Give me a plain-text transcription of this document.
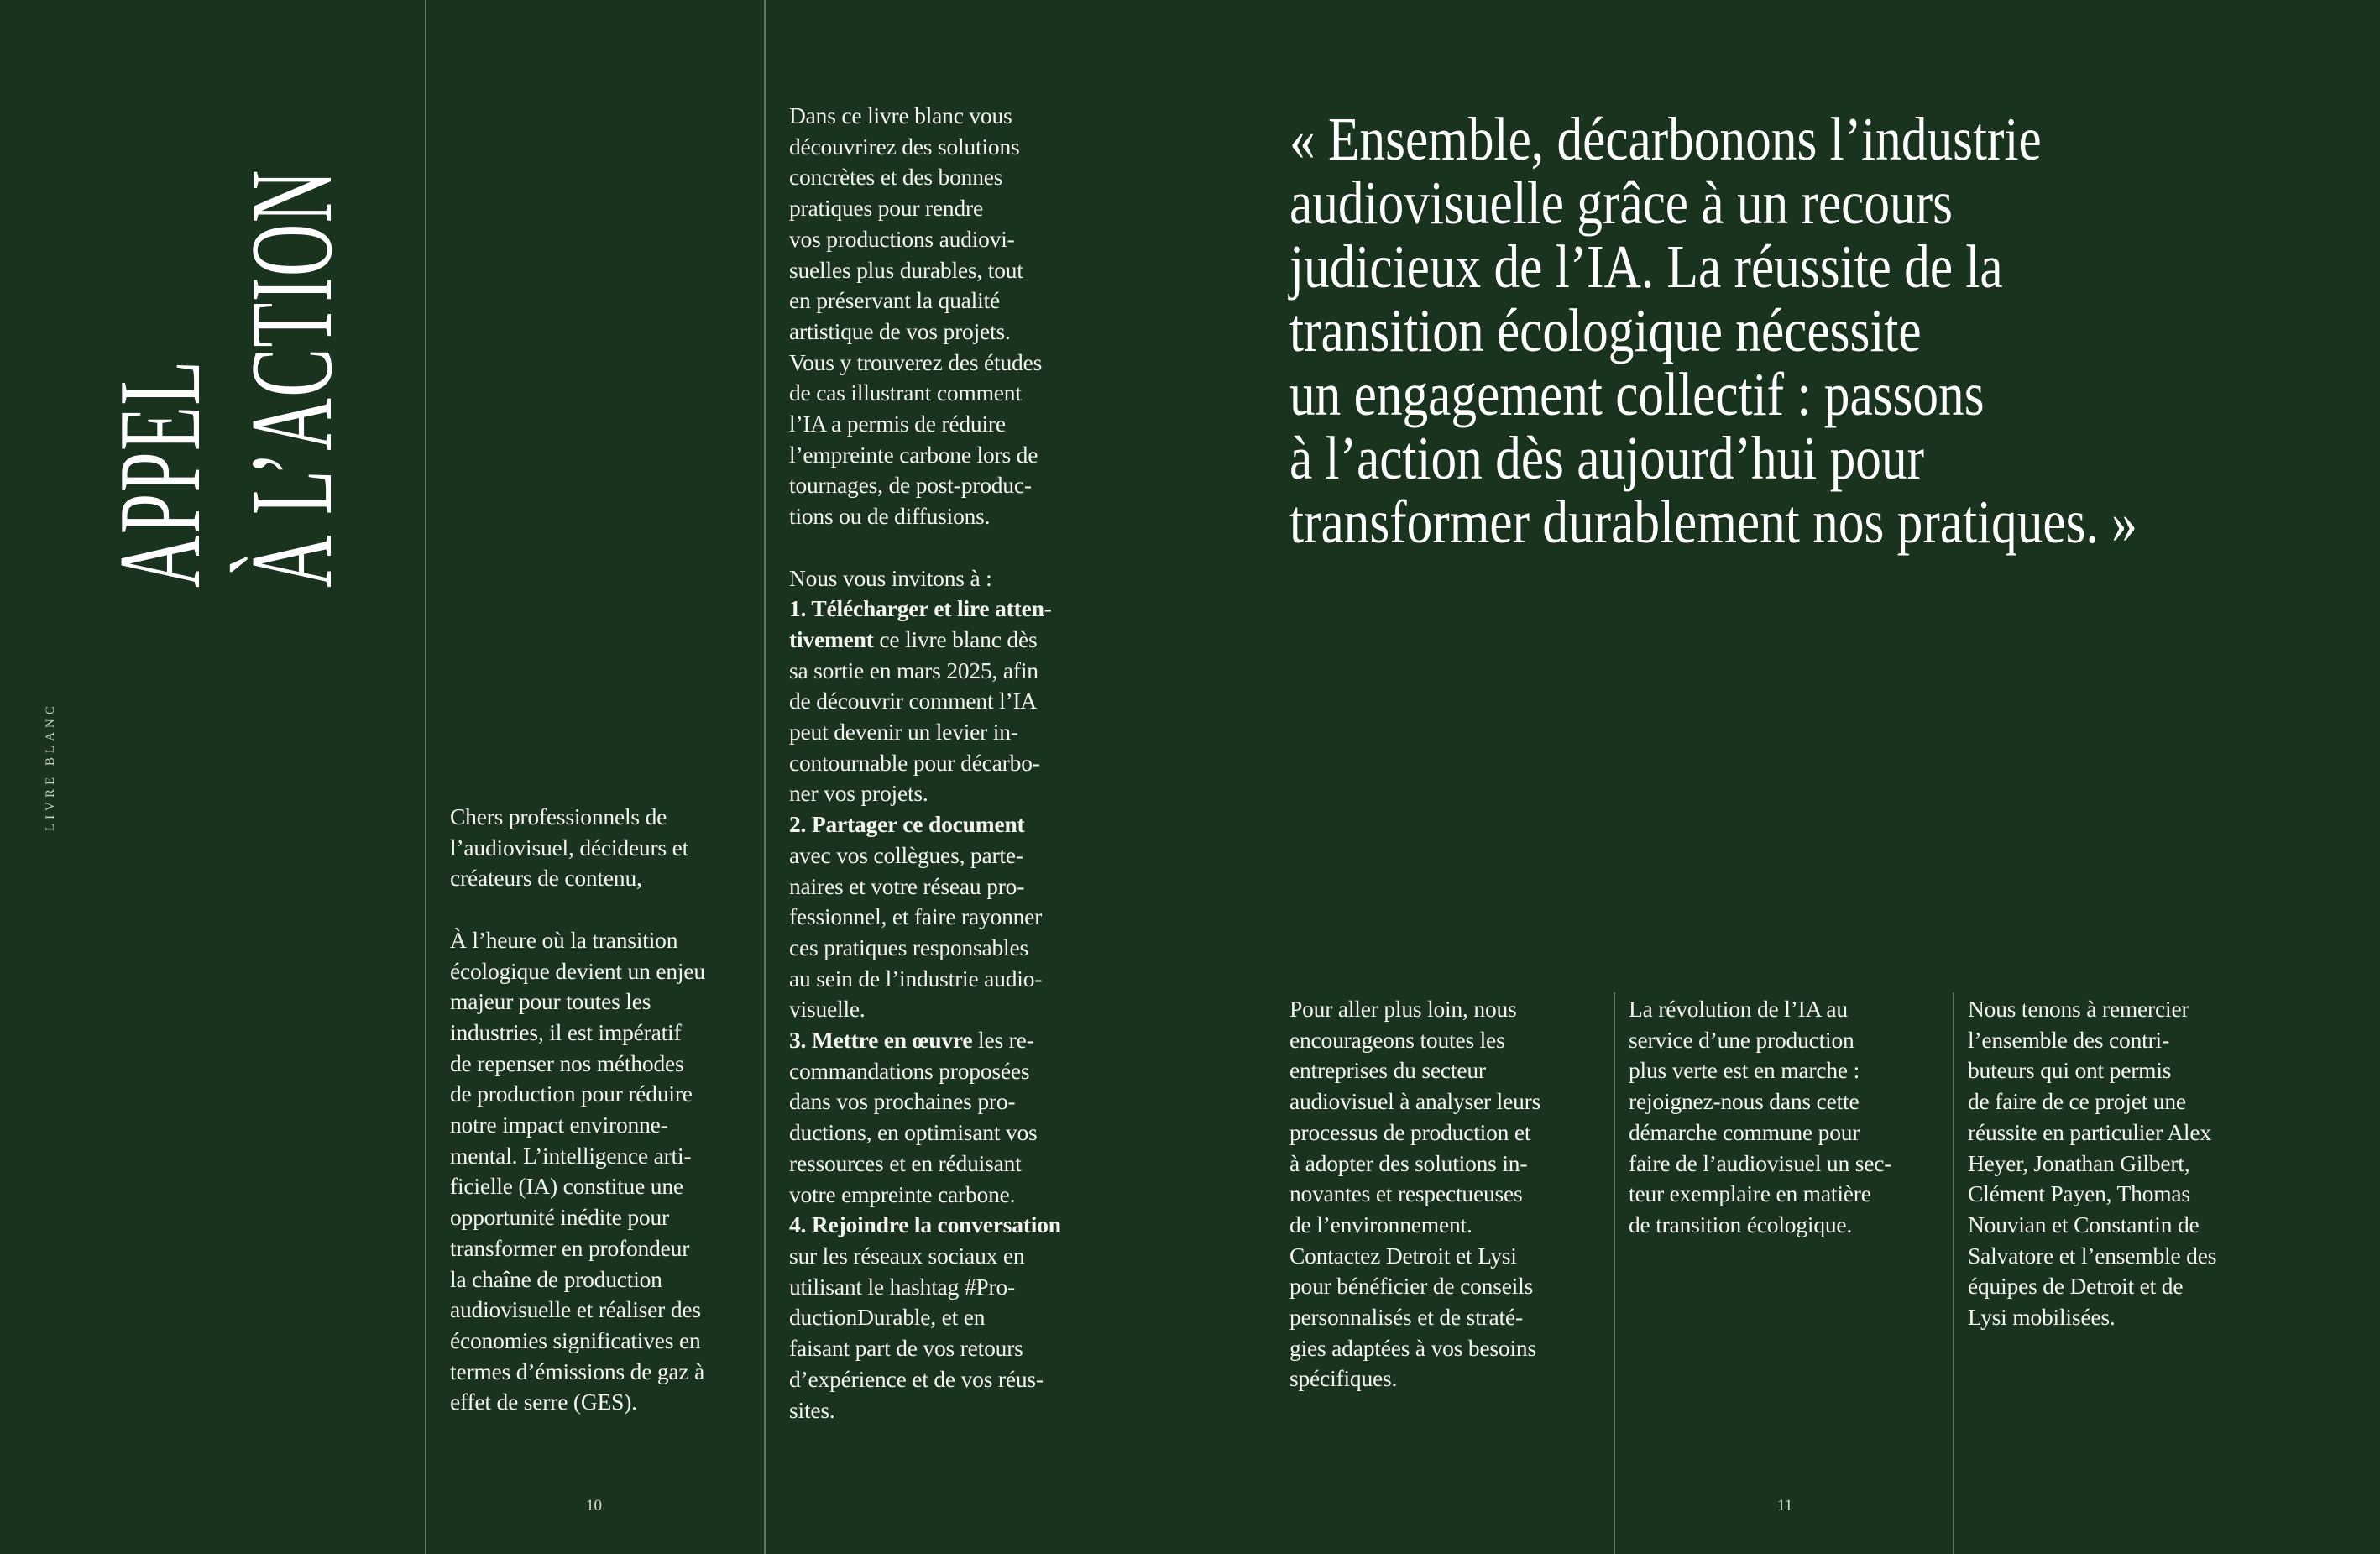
APPEL À L’ACTION
LIVRE BLANC	Chers professionnels de

l’audiovisuel, décideurs et

créateurs de contenu,

À l’heure où la transition

écologique devient un enjeu

majeur pour toutes les

industries, il est impératif

de repenser nos méthodes

de production pour réduire

notre impact environne-

mental. L’intelligence arti-

ficielle (IA) constitue une

opportunité inédite pour

transformer en profondeur

la chaîne de production

audiovisuelle et réaliser des

économies significatives en

termes d’émissions de gaz à

effet de serre (GES).

Dans ce livre blanc vous

découvrirez des solutions

concrètes et des bonnes

pratiques pour rendre

vos productions audiovi-

suelles plus durables, tout

en préservant la qualité

artistique de vos projets.

Vous y trouverez des études

de cas illustrant comment

l’IA a permis de réduire

l’empreinte carbone lors de

tournages, de post-produc-

tions ou de diffusions.

Nous vous invitons à :

1. Télécharger et lire atten-

tivement ce livre blanc dès

sa sortie en mars 2025, afin

de découvrir comment l’IA

peut devenir un levier in-

contournable pour décarbo-

ner vos projets.

2. Partager ce document

avec vos collègues, parte-

naires et votre réseau pro-

fessionnel, et faire rayonner

ces pratiques responsables

au sein de l’industrie audio-

visuelle.

3. Mettre en œuvre les re-

commandations proposées

dans vos prochaines pro-

ductions, en optimisant vos

ressources et en réduisant

votre empreinte carbone.

4. Rejoindre la conversation

sur les réseaux sociaux en

utilisant le hashtag #Pro-

ductionDurable, et en

faisant part de vos retours

d’expérience et de vos réus-

sites.

« Ensemble, décarbonons l’industrie

audiovisuelle grâce à un recours

judicieux de l’IA. La réussite de la

transition écologique nécessite

un engagement collectif : passons

à l’action dès aujourd’hui pour

transformer durablement nos pratiques. »

Pour aller plus loin, nous

encourageons toutes les

entreprises du secteur

audiovisuel à analyser leurs

processus de production et

à adopter des solutions in-

novantes et respectueuses

de l’environnement.

Contactez Detroit et Lysi

pour bénéficier de conseils

personnalisés et de straté-

gies adaptées à vos besoins

spécifiques.

La révolution de l’IA au

service d’une production

plus verte est en marche :

rejoignez-nous dans cette

démarche commune pour

faire de l’audiovisuel un sec-

teur exemplaire en matière

de transition écologique.

Nous tenons à remercier

l’ensemble des contri-

buteurs qui ont permis

de faire de ce projet une

réussite en particulier Alex

Heyer, Jonathan Gilbert,

Clément Payen, Thomas

Nouvian et Constantin de

Salvatore et l’ensemble des

équipes de Detroit et de

Lysi mobilisées.

10	11
